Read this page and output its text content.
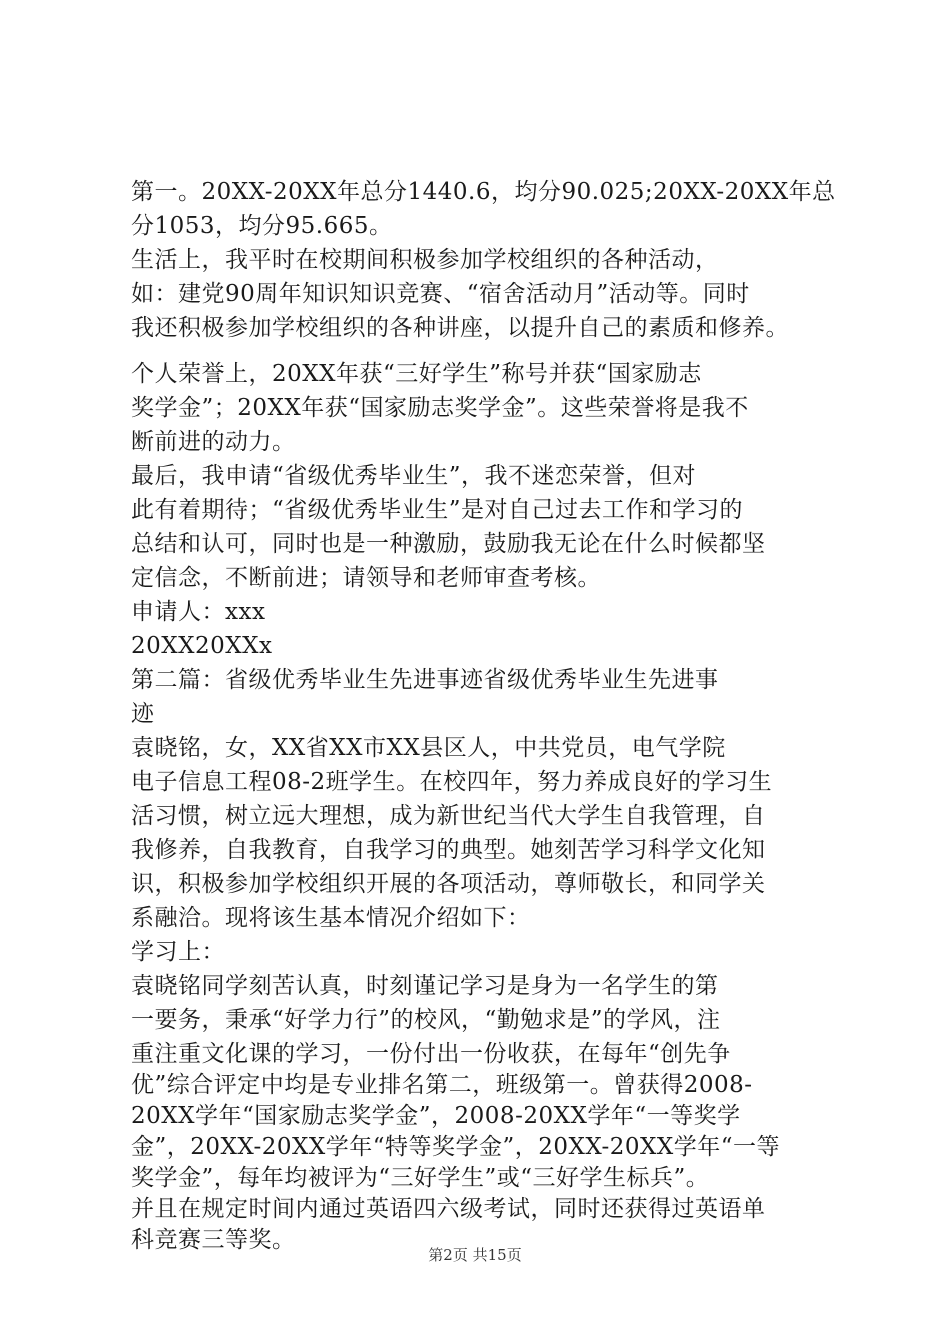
第一。20XX-20XX年总分1440.6，均分90.025;20XX-20XX年总
分1053，均分95.665。
生活上，我平时在校期间积极参加学校组织的各种活动，
如：建党90周年知识知识竞赛、“宿舍活动月”活动等。同时
我还积极参加学校组织的各种讲座，以提升自己的素质和修养。
个人荣誉上，20XX年获“三好学生”称号并获“国家励志
奖学金”；20XX年获“国家励志奖学金”。这些荣誉将是我不
断前进的动力。
最后，我申请“省级优秀毕业生”，我不迷恋荣誉，但对
此有着期待；“省级优秀毕业生”是对自己过去工作和学习的
总结和认可，同时也是一种激励，鼓励我无论在什么时候都坚
定信念，不断前进；请领导和老师审查考核。
申请人：xxx
20XX20XXx
第二篇：省级优秀毕业生先进事迹省级优秀毕业生先进事
迹
袁晓铭，女，XX省XX市XX县区人，中共党员，电气学院
电子信息工程08-2班学生。在校四年，努力养成良好的学习生
活习惯，树立远大理想，成为新世纪当代大学生自我管理，自
我修养，自我教育，自我学习的典型。她刻苦学习科学文化知
识，积极参加学校组织开展的各项活动，尊师敬长，和同学关
系融洽。现将该生基本情况介绍如下：
学习上：
袁晓铭同学刻苦认真，时刻谨记学习是身为一名学生的第
一要务，秉承“好学力行”的校风，“勤勉求是”的学风，注
重注重文化课的学习，一份付出一份收获，在每年“创先争
优”综合评定中均是专业排名第二，班级第一。曾获得2008-
20XX学年“国家励志奖学金”，2008-20XX学年“一等奖学
金”，20XX-20XX学年“特等奖学金”，20XX-20XX学年“一等
奖学金”，每年均被评为“三好学生”或“三好学生标兵”。
并且在规定时间内通过英语四六级考试，同时还获得过英语单
第2页 共15页
科竞赛三等奖。
